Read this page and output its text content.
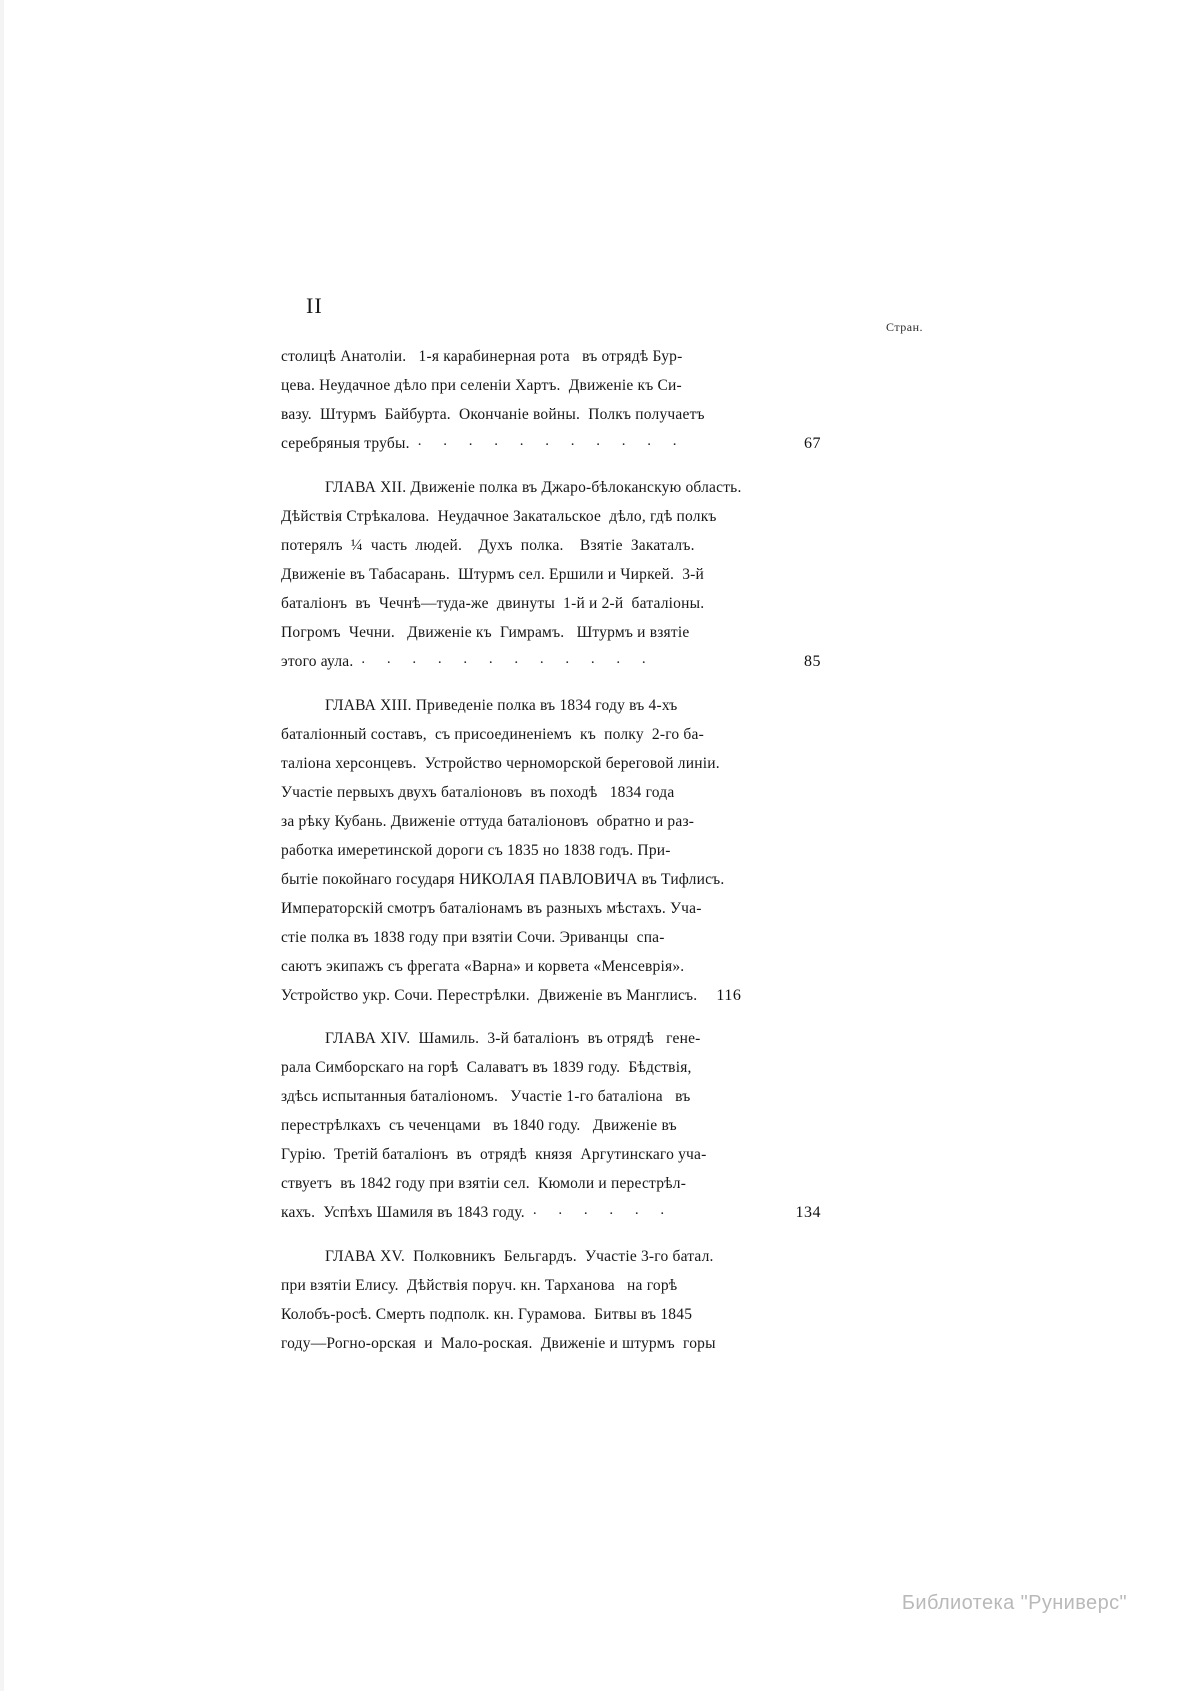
II
Стран.
столицѣ Анатоліи.   1-я карабинерная рота   въ отрядѣ Бур-
цева. Неудачное дѣло при селеніи Хартъ.  Движеніе къ Си-
вазу.  Штурмъ  Байбурта.  Окончаніе войны.  Полкъ получаетъ
серебряныя трубы. . . . . . . . . . . .	67
ГЛАВА XII. Движеніе полка въ Джаро-бѣлоканскую область.
Дѣйствія Стрѣкалова.  Неудачное Закатальское  дѣло, гдѣ полкъ
потерялъ  ¼  часть  людей.    Духъ  полка.    Взятіе  Закаталъ.
Движеніе въ Табасарань.  Штурмъ сел. Ершили и Чиркей.  3-й
баталіонъ  въ  Чечнѣ—туда-же  двинуты  1-й и 2-й  баталіоны.
Погромъ  Чечни.   Движеніе къ  Гимрамъ.   Штурмъ и взятіе
этого аула. . . . . . . . . . . . .	85
ГЛАВА XIII. Приведеніе полка въ 1834 году въ 4-хъ
баталіонный составъ,  съ присоединеніемъ  къ  полку  2-го ба-
таліона херсонцевъ.  Устройство черноморской береговой линіи.
Участіе первыхъ двухъ баталіоновъ  въ походѣ   1834 года
за рѣку Кубань. Движеніе оттуда баталіоновъ  обратно и раз-
работка имеретинской дороги съ 1835 но 1838 годъ. При-
бытіе покойнаго государя НИКОЛАЯ ПАВЛОВИЧА въ Тифлисъ.
Императорскій смотръ баталіонамъ въ разныхъ мѣстахъ. Уча-
стіе полка въ 1838 году при взятіи Сочи. Эриванцы  спа-
саютъ экипажъ съ фрегата «Варна» и корвета «Менсеврія».
Устройство укр. Сочи. Перестрѣлки.  Движеніе въ Манглисъ.	116
ГЛАВА XIV.  Шамиль.  3-й баталіонъ  въ отрядѣ   гене-
рала Симборскаго на горѣ  Салаватъ въ 1839 году.  Бѣдствія,
здѣсь испытанныя баталіономъ.   Участіе 1-го баталіона   въ
перестрѣлкахъ  съ чеченцами   въ 1840 году.   Движеніе въ
Гурію.  Третій баталіонъ  въ  отрядѣ  князя  Аргутинскаго уча-
ствуетъ  въ 1842 году при взятіи сел.  Кюмоли и перестрѣл-
кахъ.  Успѣхъ Шамиля въ 1843 году. . . . . . .	134
ГЛАВА XV.  Полковникъ  Бельгардъ.  Участіе 3-го батал.
при взятіи Елису.  Дѣйствія поруч. кн. Тарханова   на горѣ
Колобъ-росѣ. Смерть подполк. кн. Гурамова.  Битвы въ 1845
году—Рогно-орская  и  Мало-роская.  Движеніе и штурмъ  горы
Библиотека "Руниверс"
